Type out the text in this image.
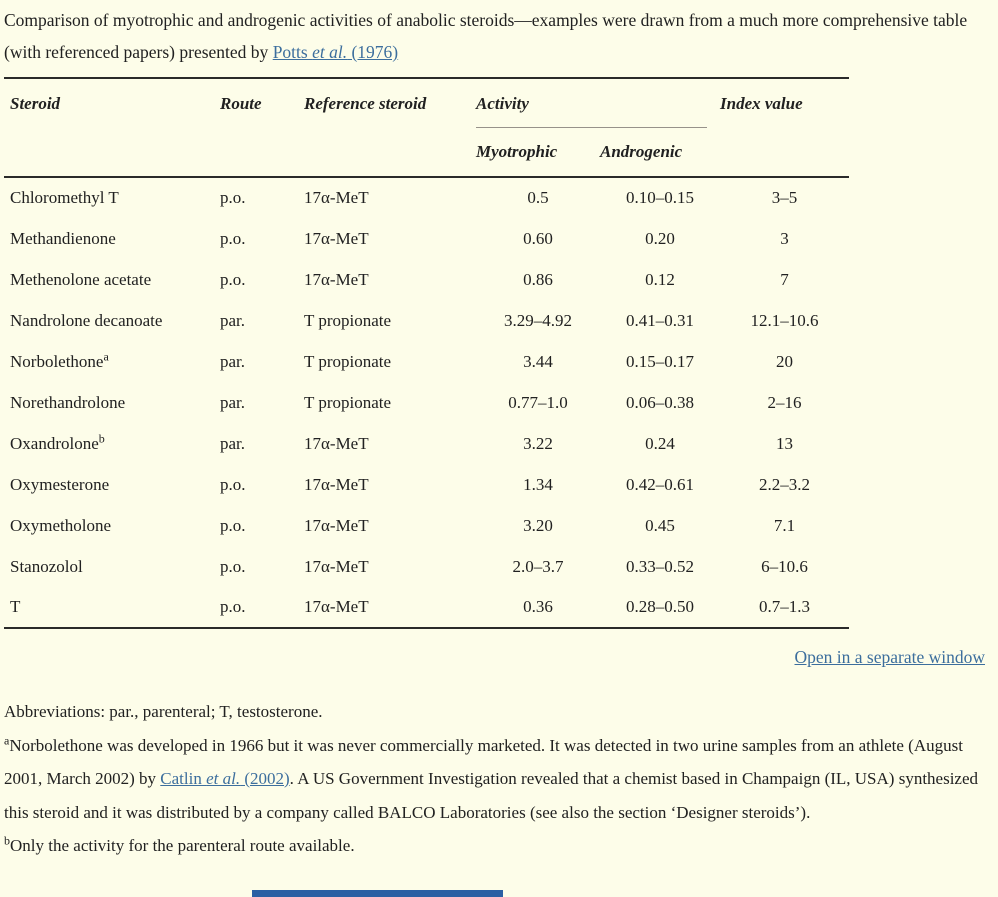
Comparison of myotrophic and androgenic activities of anabolic steroids—examples were drawn from a much more comprehensive table (with referenced papers) presented by Potts et al. (1976)
Steroid	Route	Reference steroid	Activity		Index value
			Myotrophic	Androgenic	
Chloromethyl T	p.o.	17α-MeT	0.5	0.10–0.15	3–5
Methandienone	p.o.	17α-MeT	0.60	0.20	3
Methenolone acetate	p.o.	17α-MeT	0.86	0.12	7
Nandrolone decanoate	par.	T propionate	3.29–4.92	0.41–0.31	12.1–10.6
Norbolethone$^a$	par.	T propionate	3.44	0.15–0.17	20
Norethandrolone	par.	T propionate	0.77–1.0	0.06–0.38	2–16
Oxandrolone$^b$	par.	17α-MeT	3.22	0.24	13
Oxymesterone	p.o.	17α-MeT	1.34	0.42–0.61	2.2–3.2
Oxymetholone	p.o.	17α-MeT	3.20	0.45	7.1
Stanozolol	p.o.	17α-MeT	2.0–3.7	0.33–0.52	6–10.6
T	p.o.	17α-MeT	0.36	0.28–0.50	0.7–1.3
Open in a separate window

Abbreviations: par., parenteral; T, testosterone.

$^a$Norbolethone was developed in 1966 but it was never commercially marketed. It was detected in two urine samples from an athlete (August 2001, March 2002) by Catlin et al. (2002). A US Government Investigation revealed that a chemist based in Champaign (IL, USA) synthesized this steroid and it was distributed by a company called BALCO Laboratories (see also the section ‘Designer steroids’).

$^b$Only the activity for the parenteral route available.
